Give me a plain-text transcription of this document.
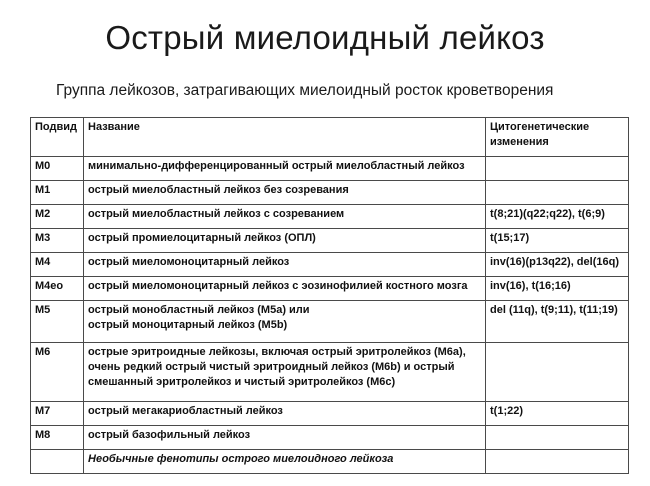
Острый миелоидный лейкоз
Группа лейкозов, затрагивающих миелоидный росток кроветворения
Подвид	Название	Цитогенетические изменения
M0	минимально-дифференцированный острый миелобластный лейкоз	
M1	острый миелобластный лейкоз без созревания	
M2	острый миелобластный лейкоз с созреванием	t(8;21)(q22;q22), t(6;9)
M3	острый промиелоцитарный лейкоз (ОПЛ)	t(15;17)
M4	острый миеломоноцитарный лейкоз	inv(16)(p13q22), del(16q)
M4eo	острый миеломоноцитарный лейкоз с эозинофилией костного мозга	inv(16), t(16;16)
M5	острый монобластный лейкоз (M5a) или
острый моноцитарный лейкоз (M5b)	del (11q), t(9;11), t(11;19)
M6	острые эритроидные лейкозы, включая острый эритролейкоз (M6a),
очень редкий острый чистый эритроидный лейкоз (M6b) и острый
смешанный эритролейкоз и чистый эритролейкоз (M6c)	

M7	острый мегакариобластный лейкоз	t(1;22)
M8	острый базофильный лейкоз	
	Необычные фенотипы острого миелоидного лейкоза	
